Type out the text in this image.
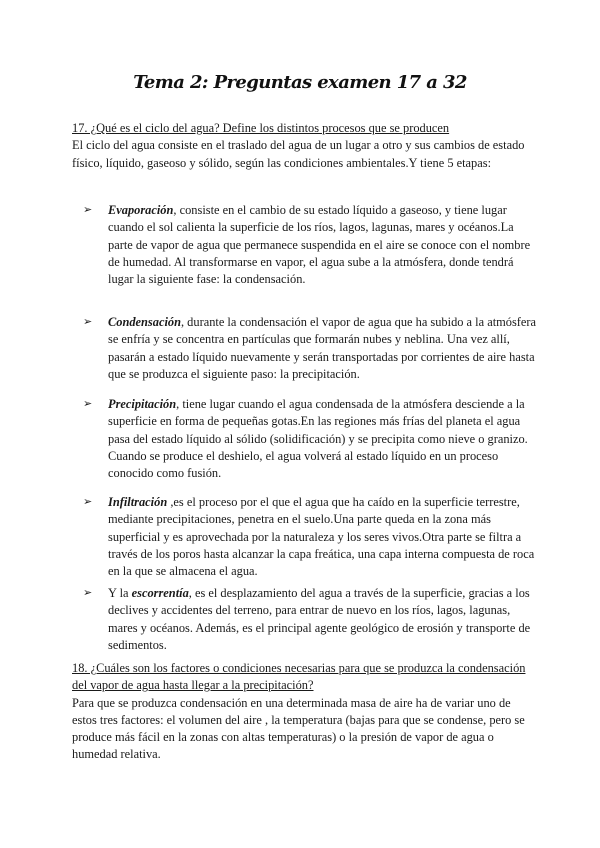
Tema 2: Preguntas examen 17 a 32
17. ¿Qué es el ciclo del agua? Define los distintos procesos que se producen
El ciclo del agua consiste en el traslado del agua de un lugar a otro y sus cambios de estado físico, líquido, gaseoso y sólido, según las condiciones ambientales.Y tiene 5 etapas:
➢ Evaporación, consiste en el cambio de su estado líquido a gaseoso, y tiene lugar cuando el sol calienta la superficie de los ríos, lagos, lagunas, mares y océanos.La parte de vapor de agua que permanece suspendida en el aire se conoce con el nombre de humedad. Al transformarse en vapor, el agua sube a la atmósfera, donde tendrá lugar la siguiente fase: la condensación.
➢ Condensación, durante la condensación el vapor de agua que ha subido a la atmósfera se enfría y se concentra en partículas que formarán nubes y neblina. Una vez allí, pasarán a estado líquido nuevamente y serán transportadas por corrientes de aire hasta que se produzca el siguiente paso: la precipitación.
➢ Precipitación, tiene lugar cuando el agua condensada de la atmósfera desciende a la superficie en forma de pequeñas gotas.En las regiones más frías del planeta el agua pasa del estado líquido al sólido (solidificación) y se precipita como nieve o granizo. Cuando se produce el deshielo, el agua volverá al estado líquido en un proceso conocido como fusión.
➢ Infiltración ,es el proceso por el que el agua que ha caído en la superficie terrestre, mediante precipitaciones, penetra en el suelo.Una parte queda en la zona más superficial y es aprovechada por la naturaleza y los seres vivos.Otra parte se filtra a través de los poros hasta alcanzar la capa freática, una capa interna compuesta de roca en la que se almacena el agua.
➢ Y la escorrentía, es el desplazamiento del agua a través de la superficie, gracias a los declives y accidentes del terreno, para entrar de nuevo en los ríos, lagos, lagunas, mares y océanos. Además, es el principal agente geológico de erosión y transporte de sedimentos.
18. ¿Cuáles son los factores o condiciones necesarias para que se produzca la condensación del vapor de agua hasta llegar a la precipitación?
Para que se produzca condensación en una determinada masa de aire ha de variar uno de estos tres factores: el volumen del aire , la temperatura (bajas para que se condense, pero se produce más fácil en la zonas con altas temperaturas) o la presión de vapor de agua o humedad relativa.
